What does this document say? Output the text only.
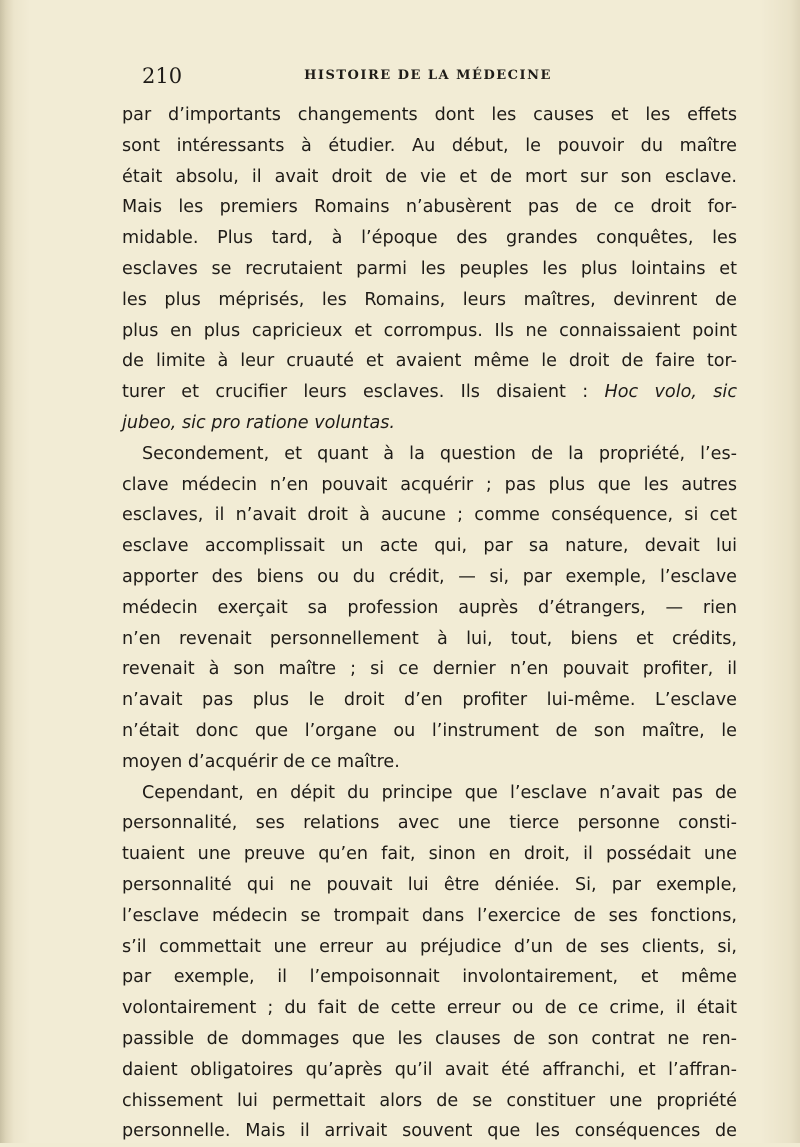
210	HISTOIRE DE LA MÉDECINE
par d’importants changements dont les causes et les effets
sont intéressants à étudier. Au début, le pouvoir du maître
était absolu, il avait droit de vie et de mort sur son esclave.
Mais les premiers Romains n’abusèrent pas de ce droit for-
midable. Plus tard, à l’époque des grandes conquêtes, les
esclaves se recrutaient parmi les peuples les plus lointains et
les plus méprisés, les Romains, leurs maîtres, devinrent de
plus en plus capricieux et corrompus. Ils ne connaissaient point
de limite à leur cruauté et avaient même le droit de faire tor-
turer et crucifier leurs esclaves. Ils disaient : Hoc volo, sic
jubeo, sic pro ratione voluntas.
Secondement, et quant à la question de la propriété, l’es-
clave médecin n’en pouvait acquérir ; pas plus que les autres
esclaves, il n’avait droit à aucune ; comme conséquence, si cet
esclave accomplissait un acte qui, par sa nature, devait lui
apporter des biens ou du crédit, — si, par exemple, l’esclave
médecin exerçait sa profession auprès d’étrangers, — rien
n’en revenait personnellement à lui, tout, biens et crédits,
revenait à son maître ; si ce dernier n’en pouvait profiter, il
n’avait pas plus le droit d’en profiter lui-même. L’esclave
n’était donc que l’organe ou l’instrument de son maître, le
moyen d’acquérir de ce maître.
Cependant, en dépit du principe que l’esclave n’avait pas de
personnalité, ses relations avec une tierce personne consti-
tuaient une preuve qu’en fait, sinon en droit, il possédait une
personnalité qui ne pouvait lui être déniée. Si, par exemple,
l’esclave médecin se trompait dans l’exercice de ses fonctions,
s’il commettait une erreur au préjudice d’un de ses clients, si,
par exemple, il l’empoisonnait involontairement, et même
volontairement ; du fait de cette erreur ou de ce crime, il était
passible de dommages que les clauses de son contrat ne ren-
daient obligatoires qu’après qu’il avait été affranchi, et l’affran-
chissement lui permettait alors de se constituer une propriété
personnelle. Mais il arrivait souvent que les conséquences de
